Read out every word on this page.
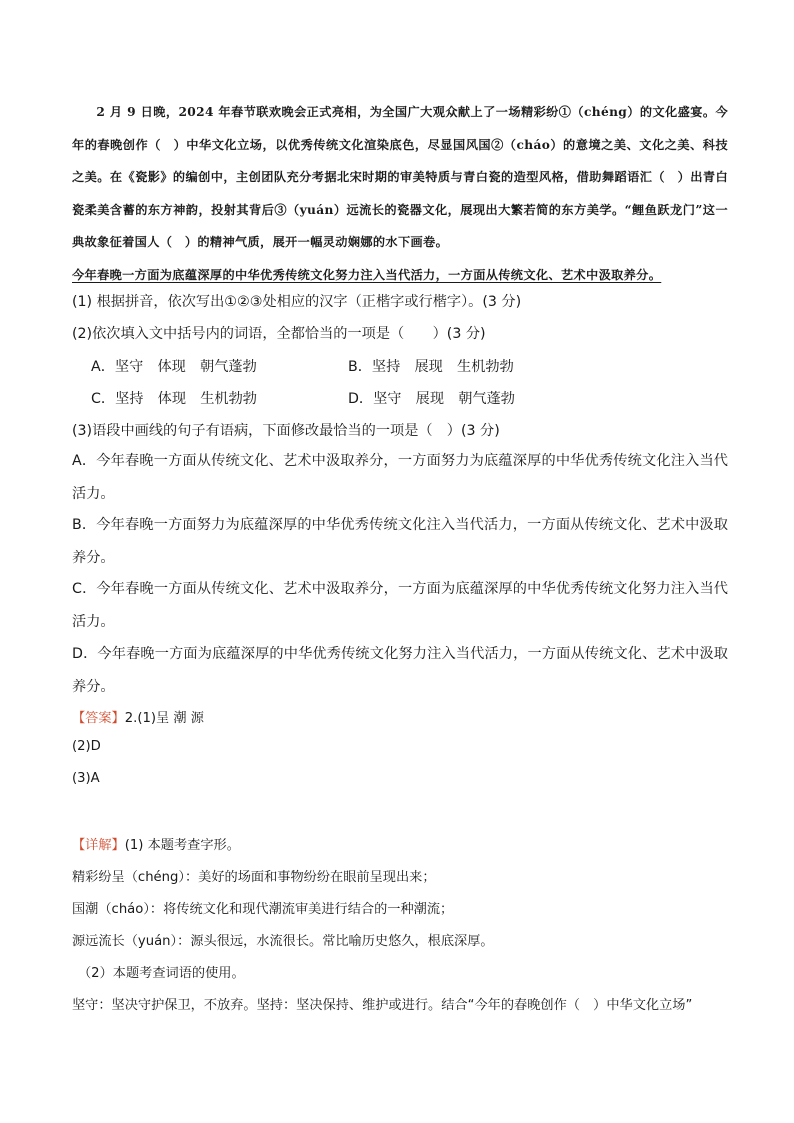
2 月 9 日晚，2024 年春节联欢晚会正式亮相，为全国广大观众献上了一场精彩纷①（chéng）的文化盛宴。今年的春晚创作（　）中华文化立场，以优秀传统文化渲染底色，尽显国风国②（cháo）的意境之美、文化之美、科技之美。在《瓷影》的编创中，主创团队充分考据北宋时期的审美特质与青白瓷的造型风格，借助舞蹈语汇（　）出青白瓷柔美含蓄的东方神韵，投射其背后③（yuán）远流长的瓷器文化，展现出大繁若简的东方美学。“鲤鱼跃龙门”这一典故象征着国人（　）的精神气质，展开一幅灵动娴娜的水下画卷。
今年春晚一方面为底蕴深厚的中华优秀传统文化努力注入当代活力，一方面从传统文化、艺术中汲取养分。

(1) 根据拼音，依次写出①②③处相应的汉字（正楷字或行楷字）。(3 分)
(2)依次填入文中括号内的词语，全都恰当的一项是（　　）(3 分)
A．坚守　体现　朝气蓬勃	B．坚持　展现　生机勃勃
C．坚持　体现　生机勃勃	D．坚守　展现　朝气蓬勃
(3)语段中画线的句子有语病，下面修改最恰当的一项是（　）(3 分)
A．今年春晚一方面从传统文化、艺术中汲取养分，一方面努力为底蕴深厚的中华优秀传统文化注入当代活力。
B．今年春晚一方面努力为底蕴深厚的中华优秀传统文化注入当代活力，一方面从传统文化、艺术中汲取养分。
C．今年春晚一方面从传统文化、艺术中汲取养分，一方面为底蕴深厚的中华优秀传统文化努力注入当代活力。
D．今年春晚一方面为底蕴深厚的中华优秀传统文化努力注入当代活力，一方面从传统文化、艺术中汲取养分。
【答案】2.(1)呈 潮 源
(2)D
(3)A
【详解】(1) 本题考查字形。
精彩纷呈（chéng）：美好的场面和事物纷纷在眼前呈现出来；
国潮（cháo）：将传统文化和现代潮流审美进行结合的一种潮流；
源远流长（yuán）：源头很远，水流很长。常比喻历史悠久，根底深厚。
（2）本题考查词语的使用。
坚守：坚决守护保卫，不放弃。坚持：坚决保持、维护或进行。结合“今年的春晚创作（　）中华文化立场”
